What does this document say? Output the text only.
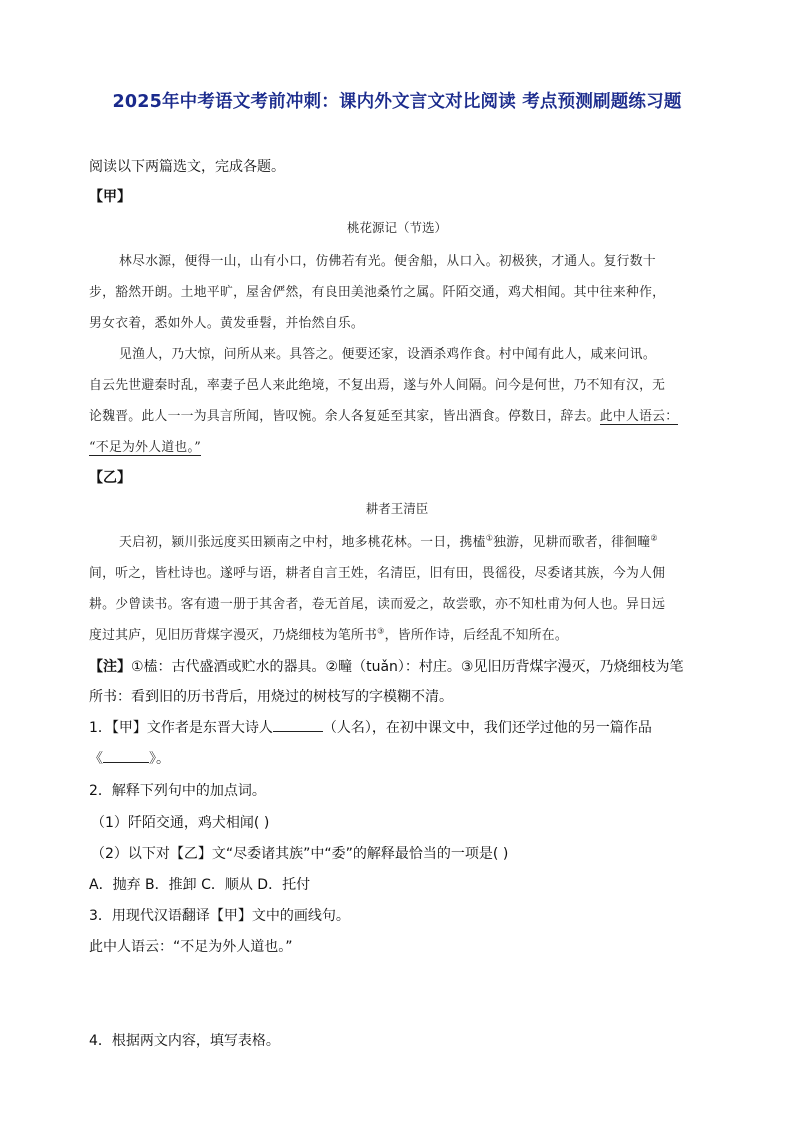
2025年中考语文考前冲刺：课内外文言文对比阅读 考点预测刷题练习题
阅读以下两篇选文，完成各题。
【甲】
桃花源记（节选）
林尽水源，便得一山，山有小口，仿佛若有光。便舍船，从口入。初极狭，才通人。复行数十
步，豁然开朗。土地平旷，屋舍俨然，有良田美池桑竹之属。阡陌交通，鸡犬相闻。其中往来种作，
男女衣着，悉如外人。黄发垂髫，并怡然自乐。
见渔人，乃大惊，问所从来。具答之。便要还家，设酒杀鸡作食。村中闻有此人，咸来问讯。
自云先世避秦时乱，率妻子邑人来此绝境，不复出焉，遂与外人间隔。问今是何世，乃不知有汉，无
论魏晋。此人一一为具言所闻，皆叹惋。余人各复延至其家，皆出酒食。停数日，辞去。此中人语云：
“不足为外人道也。”
【乙】
耕者王清臣
天启初，颍川张远度买田颍南之中村，地多桃花林。一日，携榼①独游，见耕而歌者，徘徊疃②
间，听之，皆杜诗也。遂呼与语，耕者自言王姓，名清臣，旧有田，畏徭役，尽委诸其族，今为人佣
耕。少曾读书。客有遗一册于其舍者，卷无首尾，读而爱之，故尝歌，亦不知杜甫为何人也。异日远
度过其庐，见旧历背煤字漫灭，乃烧细枝为笔所书③，皆所作诗，后经乱不知所在。
【注】①榼：古代盛酒或贮水的器具。②疃（tuǎn）：村庄。③见旧历背煤字漫灭，乃烧细枝为笔
所书：看到旧的历书背后，用烧过的树枝写的字模糊不清。
1．【甲】文作者是东晋大诗人	（人名），在初中课文中，我们还学过他的另一篇作品
《	》。
2．解释下列句中的加点词。
（1）阡陌交通，鸡犬相闻( )
（2）以下对【乙】文“尽委诸其族”中“委”的解释最恰当的一项是( )
A．抛弃 B．推卸 C．顺从 D．托付
3．用现代汉语翻译【甲】文中的画线句。
此中人语云：“不足为外人道也。”
4．根据两文内容，填写表格。
